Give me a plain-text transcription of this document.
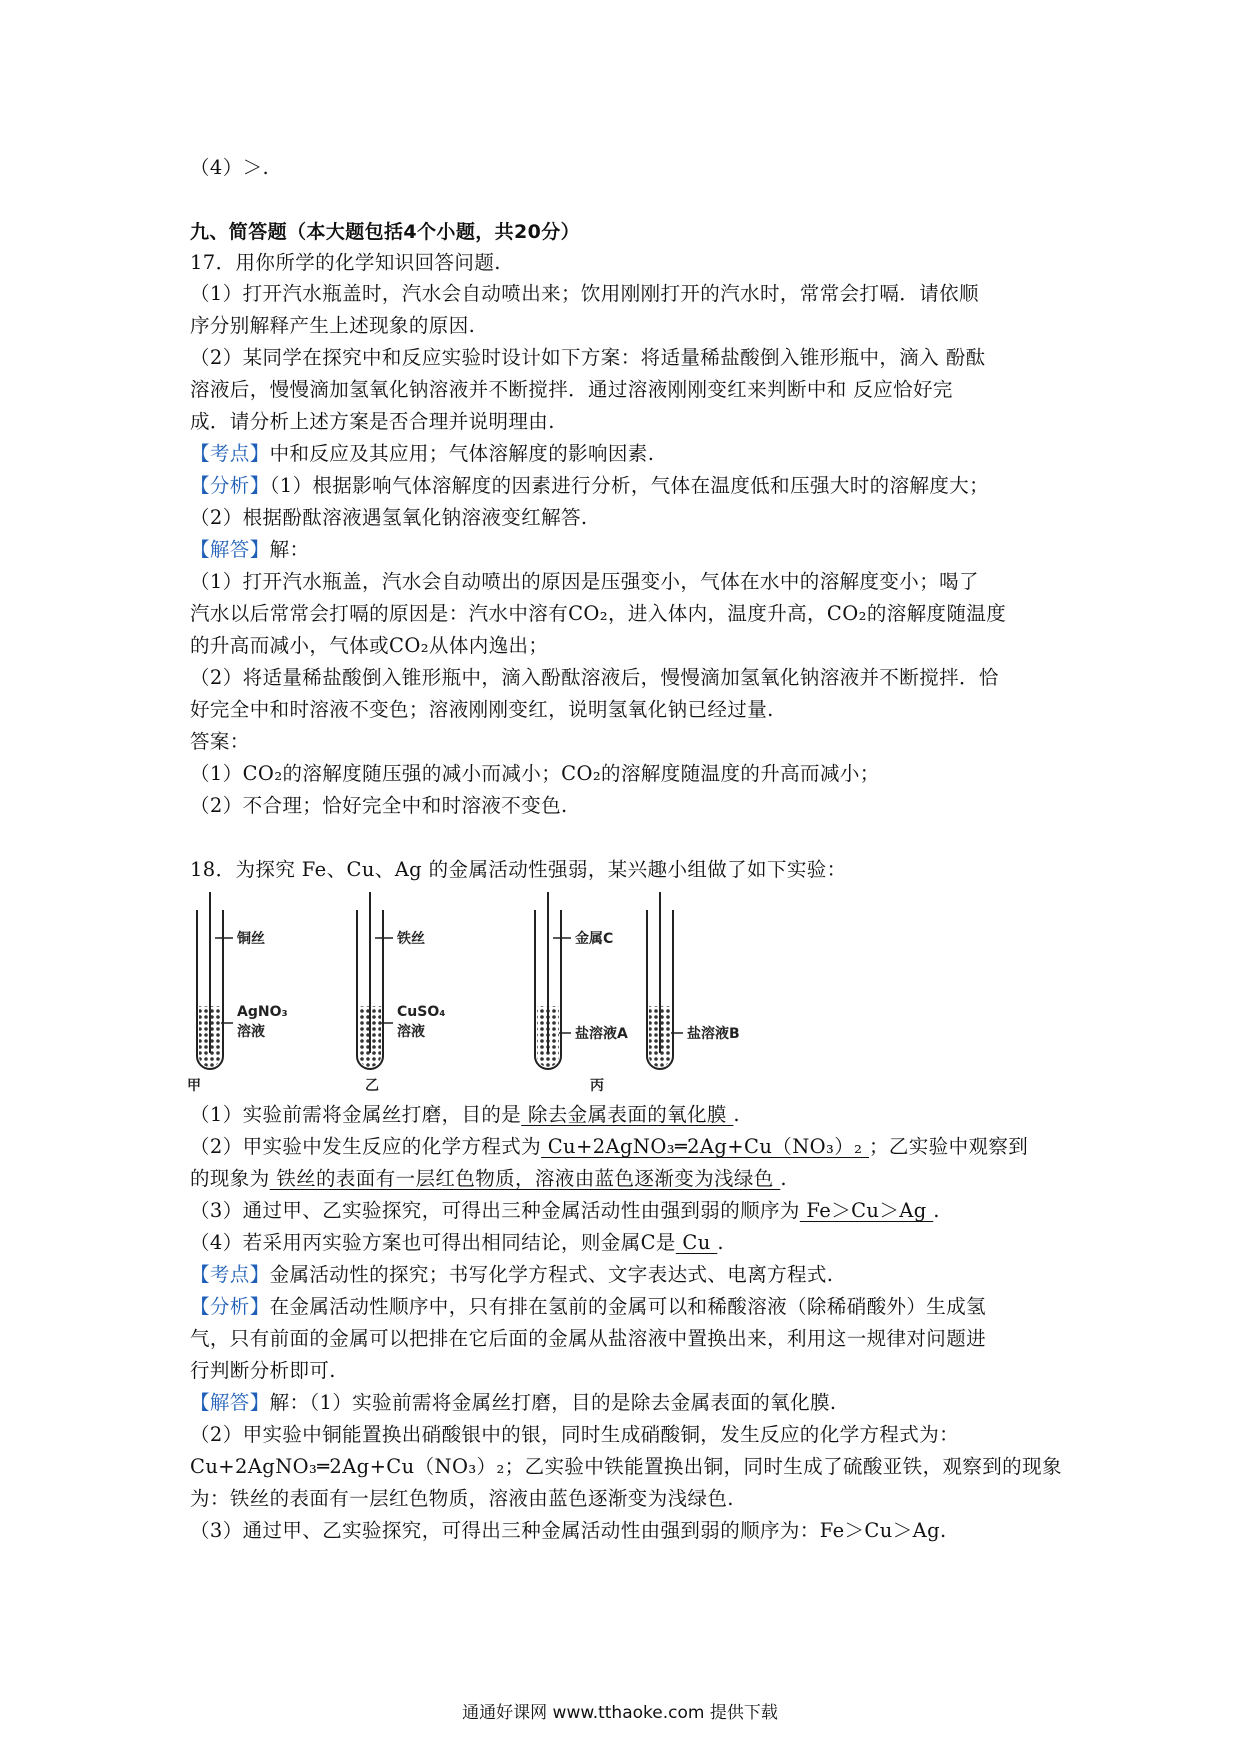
（4）＞.
九、简答题（本大题包括4个小题，共20分）
17．用你所学的化学知识回答问题.
（1）打开汽水瓶盖时，汽水会自动喷出来；饮用刚刚打开的汽水时，常常会打嗝．请依顺
序分别解释产生上述现象的原因.
（2）某同学在探究中和反应实验时设计如下方案：将适量稀盐酸倒入锥形瓶中，滴入 酚酞
溶液后，慢慢滴加氢氧化钠溶液并不断搅拌．通过溶液刚刚变红来判断中和 反应恰好完
成．请分析上述方案是否合理并说明理由.
【考点】中和反应及其应用；气体溶解度的影响因素.
【分析】（1）根据影响气体溶解度的因素进行分析，气体在温度低和压强大时的溶解度大；
（2）根据酚酞溶液遇氢氧化钠溶液变红解答.
【解答】解：
（1）打开汽水瓶盖，汽水会自动喷出的原因是压强变小，气体在水中的溶解度变小；喝了
汽水以后常常会打嗝的原因是：汽水中溶有CO₂，进入体内，温度升高，CO₂的溶解度随温度
的升高而减小，气体或CO₂从体内逸出；
（2）将适量稀盐酸倒入锥形瓶中，滴入酚酞溶液后，慢慢滴加氢氧化钠溶液并不断搅拌．恰
好完全中和时溶液不变色；溶液刚刚变红，说明氢氧化钠已经过量.
答案：
（1）CO₂的溶解度随压强的减小而减小；CO₂的溶解度随温度的升高而减小；
（2）不合理；恰好完全中和时溶液不变色.
18．为探究 Fe、Cu、Ag 的金属活动性强弱，某兴趣小组做了如下实验：
铜丝
AgNO₃
溶液
甲
铁丝
CuSO₄
溶液
乙
金属C
盐溶液A	盐溶液B
丙
（1）实验前需将金属丝打磨，目的是 除去金属表面的氧化膜 .
（2）甲实验中发生反应的化学方程式为 Cu+2AgNO₃═2Ag+Cu（NO₃）₂ ；乙实验中观察到
的现象为 铁丝的表面有一层红色物质，溶液由蓝色逐渐变为浅绿色 .
（3）通过甲、乙实验探究，可得出三种金属活动性由强到弱的顺序为 Fe＞Cu＞Ag .
（4）若采用丙实验方案也可得出相同结论，则金属C是 Cu .
【考点】金属活动性的探究；书写化学方程式、文字表达式、电离方程式.
【分析】在金属活动性顺序中，只有排在氢前的金属可以和稀酸溶液（除稀硝酸外）生成氢
气，只有前面的金属可以把排在它后面的金属从盐溶液中置换出来，利用这一规律对问题进
行判断分析即可.
【解答】解：（1）实验前需将金属丝打磨，目的是除去金属表面的氧化膜.
（2）甲实验中铜能置换出硝酸银中的银，同时生成硝酸铜，发生反应的化学方程式为：
Cu+2AgNO₃═2Ag+Cu（NO₃）₂；乙实验中铁能置换出铜，同时生成了硫酸亚铁，观察到的现象
为：铁丝的表面有一层红色物质，溶液由蓝色逐渐变为浅绿色.
（3）通过甲、乙实验探究，可得出三种金属活动性由强到弱的顺序为：Fe＞Cu＞Ag.
通通好课网 www.tthaoke.com 提供下载
